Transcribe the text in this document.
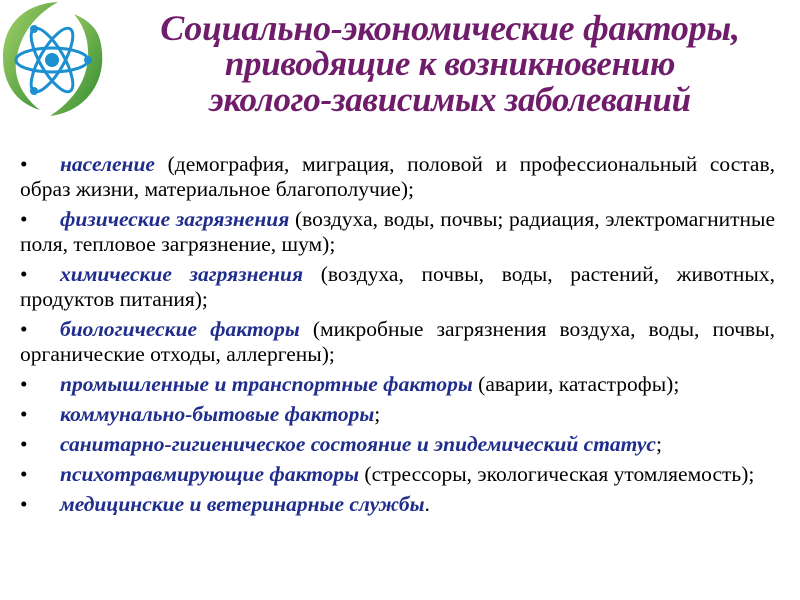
Социально-экономические факторы,
приводящие к возникновению
эколого-зависимых заболеваний
• население (демография, миграция, половой и профессиональный состав, образ жизни, материальное благополучие);
• физические загрязнения (воздуха, воды, почвы; радиация, электромагнитные поля, тепловое загрязнение, шум);
• химические загрязнения (воздуха, почвы, воды, растений, животных, продуктов питания);
• биологические факторы (микробные загрязнения воздуха, воды, почвы, органические отходы, аллергены);
• промышленные и транспортные факторы (аварии, катастрофы);
• коммунально-бытовые факторы;
• санитарно-гигиеническое состояние и эпидемический статус;
• психотравмирующие факторы (стрессоры, экологическая утомляемость);
• медицинские и ветеринарные службы.
